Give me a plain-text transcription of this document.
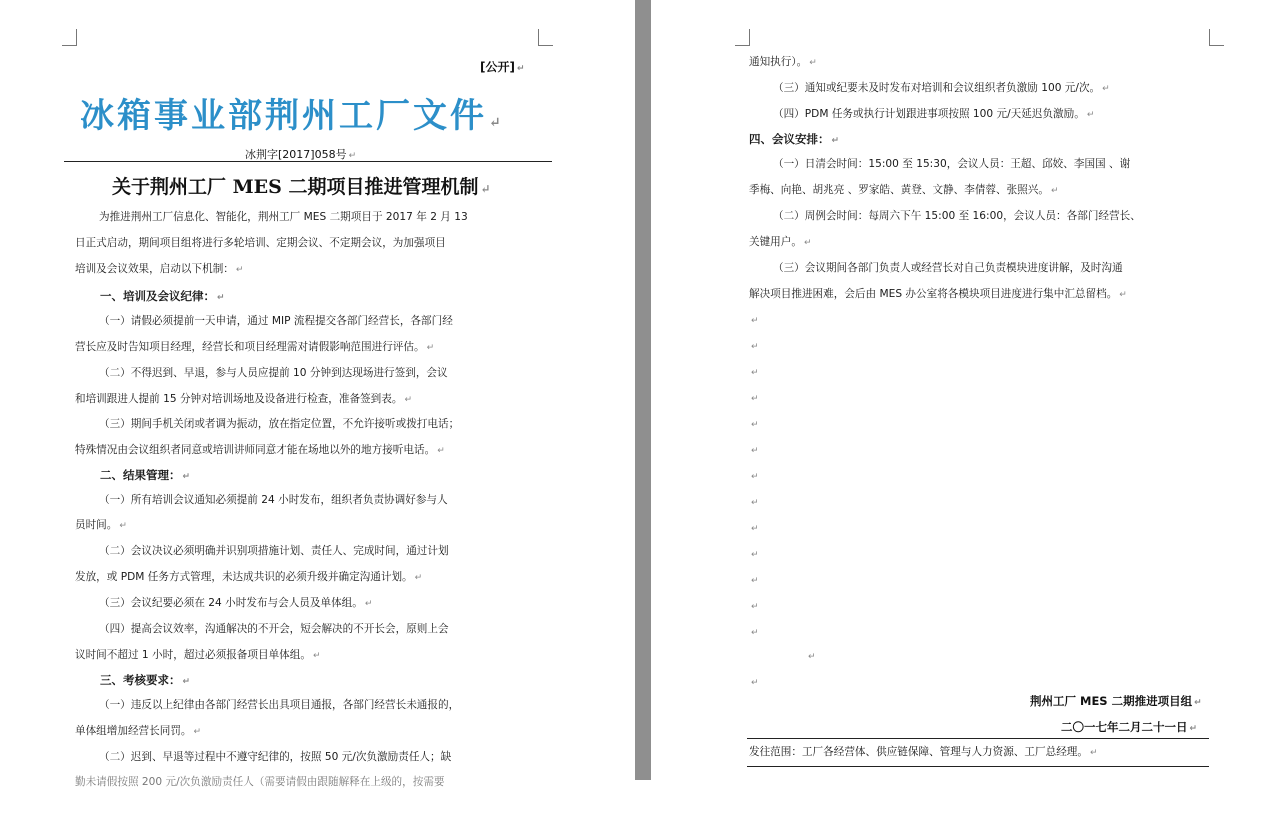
[公开] ↵
冰箱事业部荆州工厂文件 ↵
冰荆字[2017]058号 ↵
关于荆州工厂 MES 二期项目推进管理机制 ↵
为推进荆州工厂信息化、智能化，荆州工厂 MES 二期项目于 2017 年 2 月 13
日正式启动，期间项目组将进行多轮培训、定期会议、不定期会议，为加强项目
培训及会议效果，启动以下机制： ↵
一、培训及会议纪律： ↵
（一）请假必须提前一天申请，通过 MIP 流程提交各部门经营长，各部门经
营长应及时告知项目经理，经营长和项目经理需对请假影响范围进行评估。 ↵
（二）不得迟到、早退，参与人员应提前 10 分钟到达现场进行签到，会议
和培训跟进人提前 15 分钟对培训场地及设备进行检查，准备签到表。 ↵
（三）期间手机关闭或者调为振动，放在指定位置，不允许接听或拨打电话；
特殊情况由会议组织者同意或培训讲师同意才能在场地以外的地方接听电话。 ↵
二、结果管理： ↵
（一）所有培训会议通知必须提前 24 小时发布，组织者负责协调好参与人
员时间。 ↵
（二）会议决议必须明确并识别项措施计划、责任人、完成时间，通过计划
发放，或 PDM 任务方式管理，未达成共识的必须升级并确定沟通计划。 ↵
（三）会议纪要必须在 24 小时发布与会人员及单体组。 ↵
（四）提高会议效率，沟通解决的不开会，短会解决的不开长会，原则上会
议时间不超过 1 小时，超过必须报备项目单体组。 ↵
三、考核要求： ↵
（一）违反以上纪律由各部门经营长出具项目通报，各部门经营长未通报的，
单体组增加经营长同罚。 ↵
（二）迟到、早退等过程中不遵守纪律的，按照 50 元/次负激励责任人；缺
勤未请假按照 200 元/次负激励责任人（需要请假由跟随解释在上级的，按需要
通知执行）。 ↵
（三）通知或纪要未及时发布对培训和会议组织者负激励 100 元/次。 ↵
（四）PDM 任务或执行计划跟进事项按照 100 元/天延迟负激励。 ↵
四、会议安排： ↵
（一）日清会时间：15:00 至 15:30，会议人员：王超、邱姣、李国国 、谢
季梅、向艳、胡兆亮 、罗家皓、黄登、文静、李倩蓉、张照兴。 ↵
（二）周例会时间：每周六下午 15:00 至 16:00，会议人员：各部门经营长、
关键用户。 ↵
（三）会议期间各部门负责人或经营长对自己负责模块进度讲解，及时沟通
解决项目推进困难，会后由 MES 办公室将各模块项目进度进行集中汇总留档。 ↵
↵
↵
↵
↵
↵
↵
↵
↵
↵
↵
↵
↵
↵
↵
↵
荆州工厂 MES 二期推进项目组 ↵
二〇一七年二月二十一日 ↵
发往范围：工厂各经营体、供应链保障、管理与人力资源、工厂总经理。 ↵
